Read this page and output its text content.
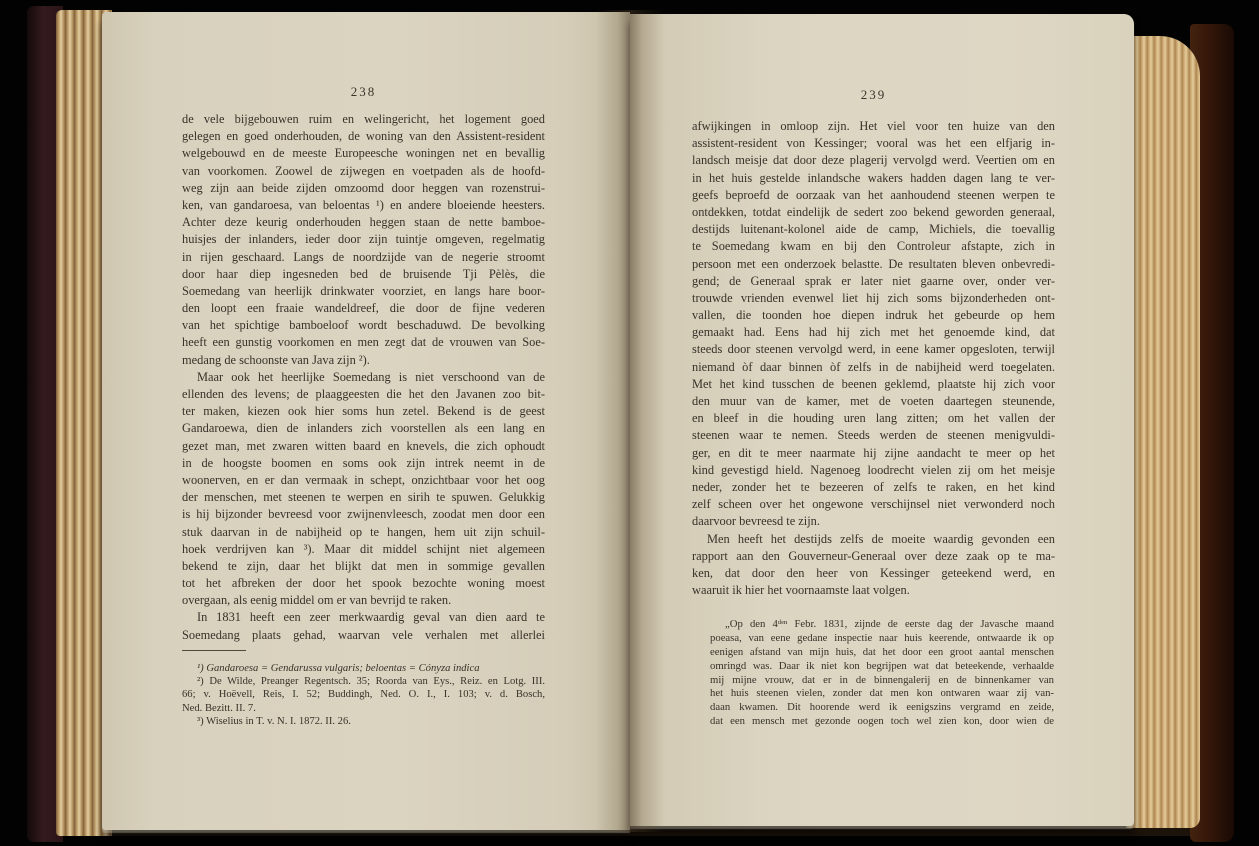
238
de vele bijgebouwen ruim en welingericht, het logement goed
gelegen en goed onderhouden, de woning van den Assistent-resident
welgebouwd en de meeste Europeesche woningen net en bevallig
van voorkomen. Zoowel de zijwegen en voetpaden als de hoofd-
weg zijn aan beide zijden omzoomd door heggen van rozenstrui-
ken, van gandaroesa, van beloentas ¹) en andere bloeiende heesters.
Achter deze keurig onderhouden heggen staan de nette bamboe-
huisjes der inlanders, ieder door zijn tuintje omgeven, regelmatig
in rijen geschaard. Langs de noordzijde van de negerie stroomt
door haar diep ingesneden bed de bruisende Tji Pèlès, die
Soemedang van heerlijk drinkwater voorziet, en langs hare boor-
den loopt een fraaie wandeldreef, die door de fijne vederen
van het spichtige bamboeloof wordt beschaduwd. De bevolking
heeft een gunstig voorkomen en men zegt dat de vrouwen van Soe-
medang de schoonste van Java zijn ²).
Maar ook het heerlijke Soemedang is niet verschoond van de
ellenden des levens; de plaaggeesten die het den Javanen zoo bit-
ter maken, kiezen ook hier soms hun zetel. Bekend is de geest
Gandaroewa, dien de inlanders zich voorstellen als een lang en
gezet man, met zwaren witten baard en knevels, die zich ophoudt
in de hoogste boomen en soms ook zijn intrek neemt in de
woonerven, en er dan vermaak in schept, onzichtbaar voor het oog
der menschen, met steenen te werpen en sirih te spuwen. Gelukkig
is hij bijzonder bevreesd voor zwijnenvleesch, zoodat men door een
stuk daarvan in de nabijheid op te hangen, hem uit zijn schuil-
hoek verdrijven kan ³). Maar dit middel schijnt niet algemeen
bekend te zijn, daar het blijkt dat men in sommige gevallen
tot het afbreken der door het spook bezochte woning moest
overgaan, als eenig middel om er van bevrijd te raken.
In 1831 heeft een zeer merkwaardig geval van dien aard te
Soemedang plaats gehad, waarvan vele verhalen met allerlei
¹) Gandaroesa = Gendarussa vulgaris; beloentas = Cónyza indica
²) De Wilde, Preanger Regentsch. 35; Roorda van Eys., Reiz. en Lotg. III.
66; v. Hoëvell, Reis, I. 52; Buddingh, Ned. O. I., I. 103; v. d. Bosch,
Ned. Bezitt. II. 7.
³) Wiselius in T. v. N. I. 1872. II. 26.
239
afwijkingen in omloop zijn. Het viel voor ten huize van den
assistent-resident von Kessinger; vooral was het een elfjarig in-
landsch meisje dat door deze plagerij vervolgd werd. Veertien om en
in het huis gestelde inlandsche wakers hadden dagen lang te ver-
geefs beproefd de oorzaak van het aanhoudend steenen werpen te
ontdekken, totdat eindelijk de sedert zoo bekend geworden generaal,
destijds luitenant-kolonel aide de camp, Michiels, die toevallig
te Soemedang kwam en bij den Controleur afstapte, zich in
persoon met een onderzoek belastte. De resultaten bleven onbevredi-
gend; de Generaal sprak er later niet gaarne over, onder ver-
trouwde vrienden evenwel liet hij zich soms bijzonderheden ont-
vallen, die toonden hoe diepen indruk het gebeurde op hem
gemaakt had. Eens had hij zich met het genoemde kind, dat
steeds door steenen vervolgd werd, in eene kamer opgesloten, terwijl
niemand òf daar binnen òf zelfs in de nabijheid werd toegelaten.
Met het kind tusschen de beenen geklemd, plaatste hij zich voor
den muur van de kamer, met de voeten daartegen steunende,
en bleef in die houding uren lang zitten; om het vallen der
steenen waar te nemen. Steeds werden de steenen menigvuldi-
ger, en dit te meer naarmate hij zijne aandacht te meer op het
kind gevestigd hield. Nagenoeg loodrecht vielen zij om het meisje
neder, zonder het te bezeeren of zelfs te raken, en het kind
zelf scheen over het ongewone verschijnsel niet verwonderd noch
daarvoor bevreesd te zijn.
Men heeft het destijds zelfs de moeite waardig gevonden een
rapport aan den Gouverneur-Generaal over deze zaak op te ma-
ken, dat door den heer von Kessinger geteekend werd, en
waaruit ik hier het voornaamste laat volgen.
„Op den 4ᵈᵉⁿ Febr. 1831, zijnde de eerste dag der Javasche maand
poeasa, van eene gedane inspectie naar huis keerende, ontwaarde ik op
eenigen afstand van mijn huis, dat het door een groot aantal menschen
omringd was. Daar ik niet kon begrijpen wat dat beteekende, verhaalde
mij mijne vrouw, dat er in de binnengalerij en de binnenkamer van
het huis steenen vielen, zonder dat men kon ontwaren waar zij van-
daan kwamen. Dit hoorende werd ik eenigszins vergramd en zeide,
dat een mensch met gezonde oogen toch wel zien kon, door wien de
